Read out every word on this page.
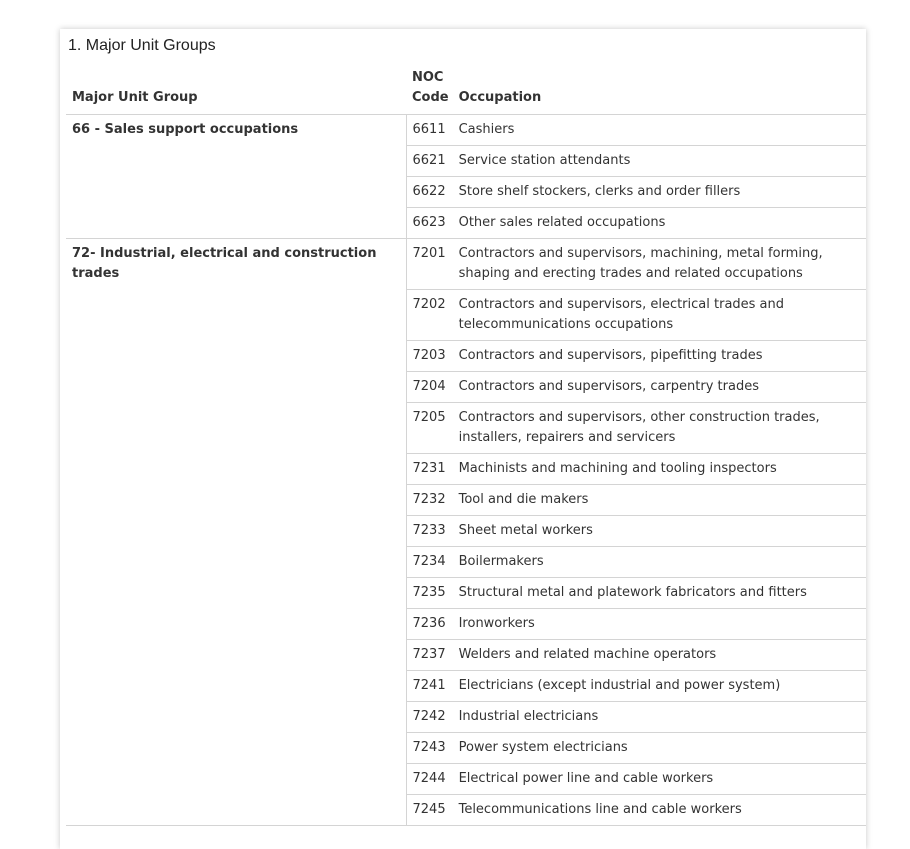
1. Major Unit Groups
Major Unit Group	NOC Code	Occupation
66 - Sales support occupations	6611	Cashiers
	6621	Service station attendants
	6622	Store shelf stockers, clerks and order fillers
	6623	Other sales related occupations
72- Industrial, electrical and construction trades	7201	Contractors and supervisors, machining, metal forming, shaping and erecting trades and related occupations
	7202	Contractors and supervisors, electrical trades and telecommunications occupations
	7203	Contractors and supervisors, pipefitting trades
	7204	Contractors and supervisors, carpentry trades
	7205	Contractors and supervisors, other construction trades, installers, repairers and servicers
	7231	Machinists and machining and tooling inspectors
	7232	Tool and die makers
	7233	Sheet metal workers
	7234	Boilermakers
	7235	Structural metal and platework fabricators and fitters
	7236	Ironworkers
	7237	Welders and related machine operators
	7241	Electricians (except industrial and power system)
	7242	Industrial electricians
	7243	Power system electricians
	7244	Electrical power line and cable workers
	7245	Telecommunications line and cable workers
